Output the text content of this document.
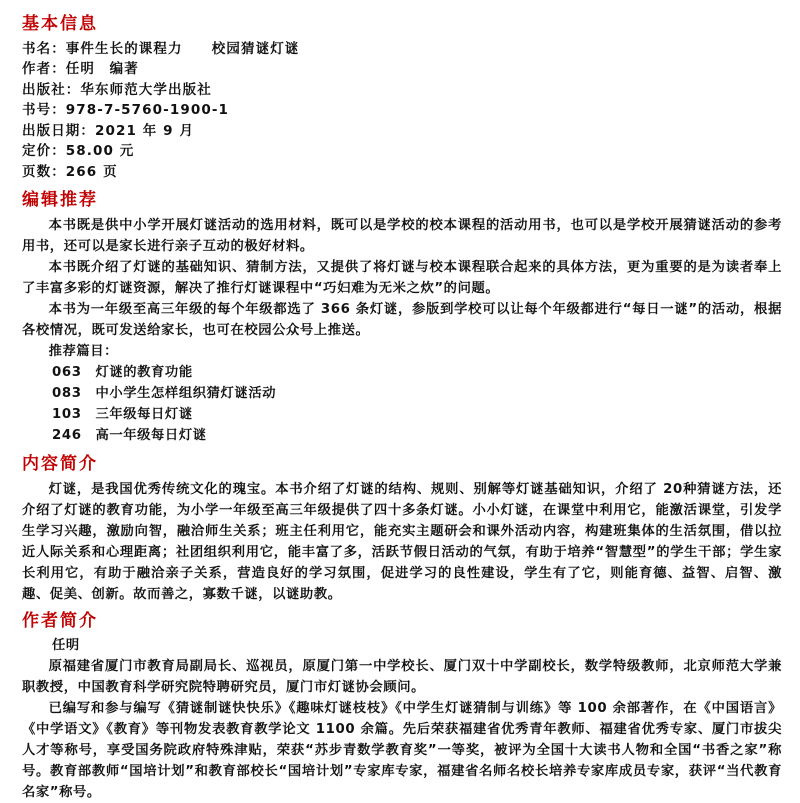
基本信息
书名：事件生长的课程力　　校园猜谜灯谜
作者：任明　编著
出版社：华东师范大学出版社
书号：978-7-5760-1900-1
出版日期：2021 年 9 月
定价：58.00 元
页数：266 页
编辑推荐

本书既是供中小学开展灯谜活动的选用材料，既可以是学校的校本课程的活动用书，也可以是学校开展猜谜活动的参考用书，还可以是家长进行亲子互动的极好材料。

本书既介绍了灯谜的基础知识、猜制方法，又提供了将灯谜与校本课程联合起来的具体方法，更为重要的是为读者奉上了丰富多彩的灯谜资源，解决了推行灯谜课程中“巧妇难为无米之炊”的问题。

本书为一年级至高三年级的每个年级都选了 366 条灯谜，参版到学校可以让每个年级都进行“每日一谜”的活动，根据各校情况，既可发送给家长，也可在校园公众号上推送。

推荐篇目：

063　灯谜的教育功能
083　中小学生怎样组织猜灯谜活动
103　三年级每日灯谜
246　高一年级每日灯谜
内容简介

灯谜，是我国优秀传统文化的瑰宝。本书介绍了灯谜的结构、规则、别解等灯谜基础知识，介绍了 20种猜谜方法，还介绍了灯谜的教育功能，为小学一年级至高三年级提供了四十多条灯谜。小小灯谜，在课堂中利用它，能激活课堂，引发学生学习兴趣，激励向智，融洽师生关系；班主任利用它，能充实主题研会和课外活动内容，构建班集体的生活氛围，借以拉近人际关系和心理距离；社团组织利用它，能丰富了多，活跃节假日活动的气氛，有助于培养“智慧型”的学生干部；学生家长利用它，有助于融洽亲子关系，营造良好的学习氛围，促进学习的良性建设，学生有了它，则能育德、益智、启智、激趣、促美、创新。故而善之，寡数千谜，以谜助教。

作者简介

任明

原福建省厦门市教育局副局长、巡视员，原厦门第一中学校长、厦门双十中学副校长，数学特级教师，北京师范大学兼职教授，中国教育科学研究院特聘研究员，厦门市灯谜协会顾问。

已编写和参与编写《猜谜制谜快快乐》《趣味灯谜枝枝》《中学生灯谜猜制与训练》等 100 余部著作，在《中国语言》《中学语文》《教育》等刊物发表教育教学论文 1100 余篇。先后荣获福建省优秀青年教师、福建省优秀专家、厦门市拔尖人才等称号，享受国务院政府特殊津贴，荣获“苏步青数学教育奖”一等奖，被评为全国十大读书人物和全国“书香之家”称号。教育部教师“国培计划”和教育部校长“国培计划”专家库专家，福建省名师名校长培养专家库成员专家，获评“当代教育名家”称号。
